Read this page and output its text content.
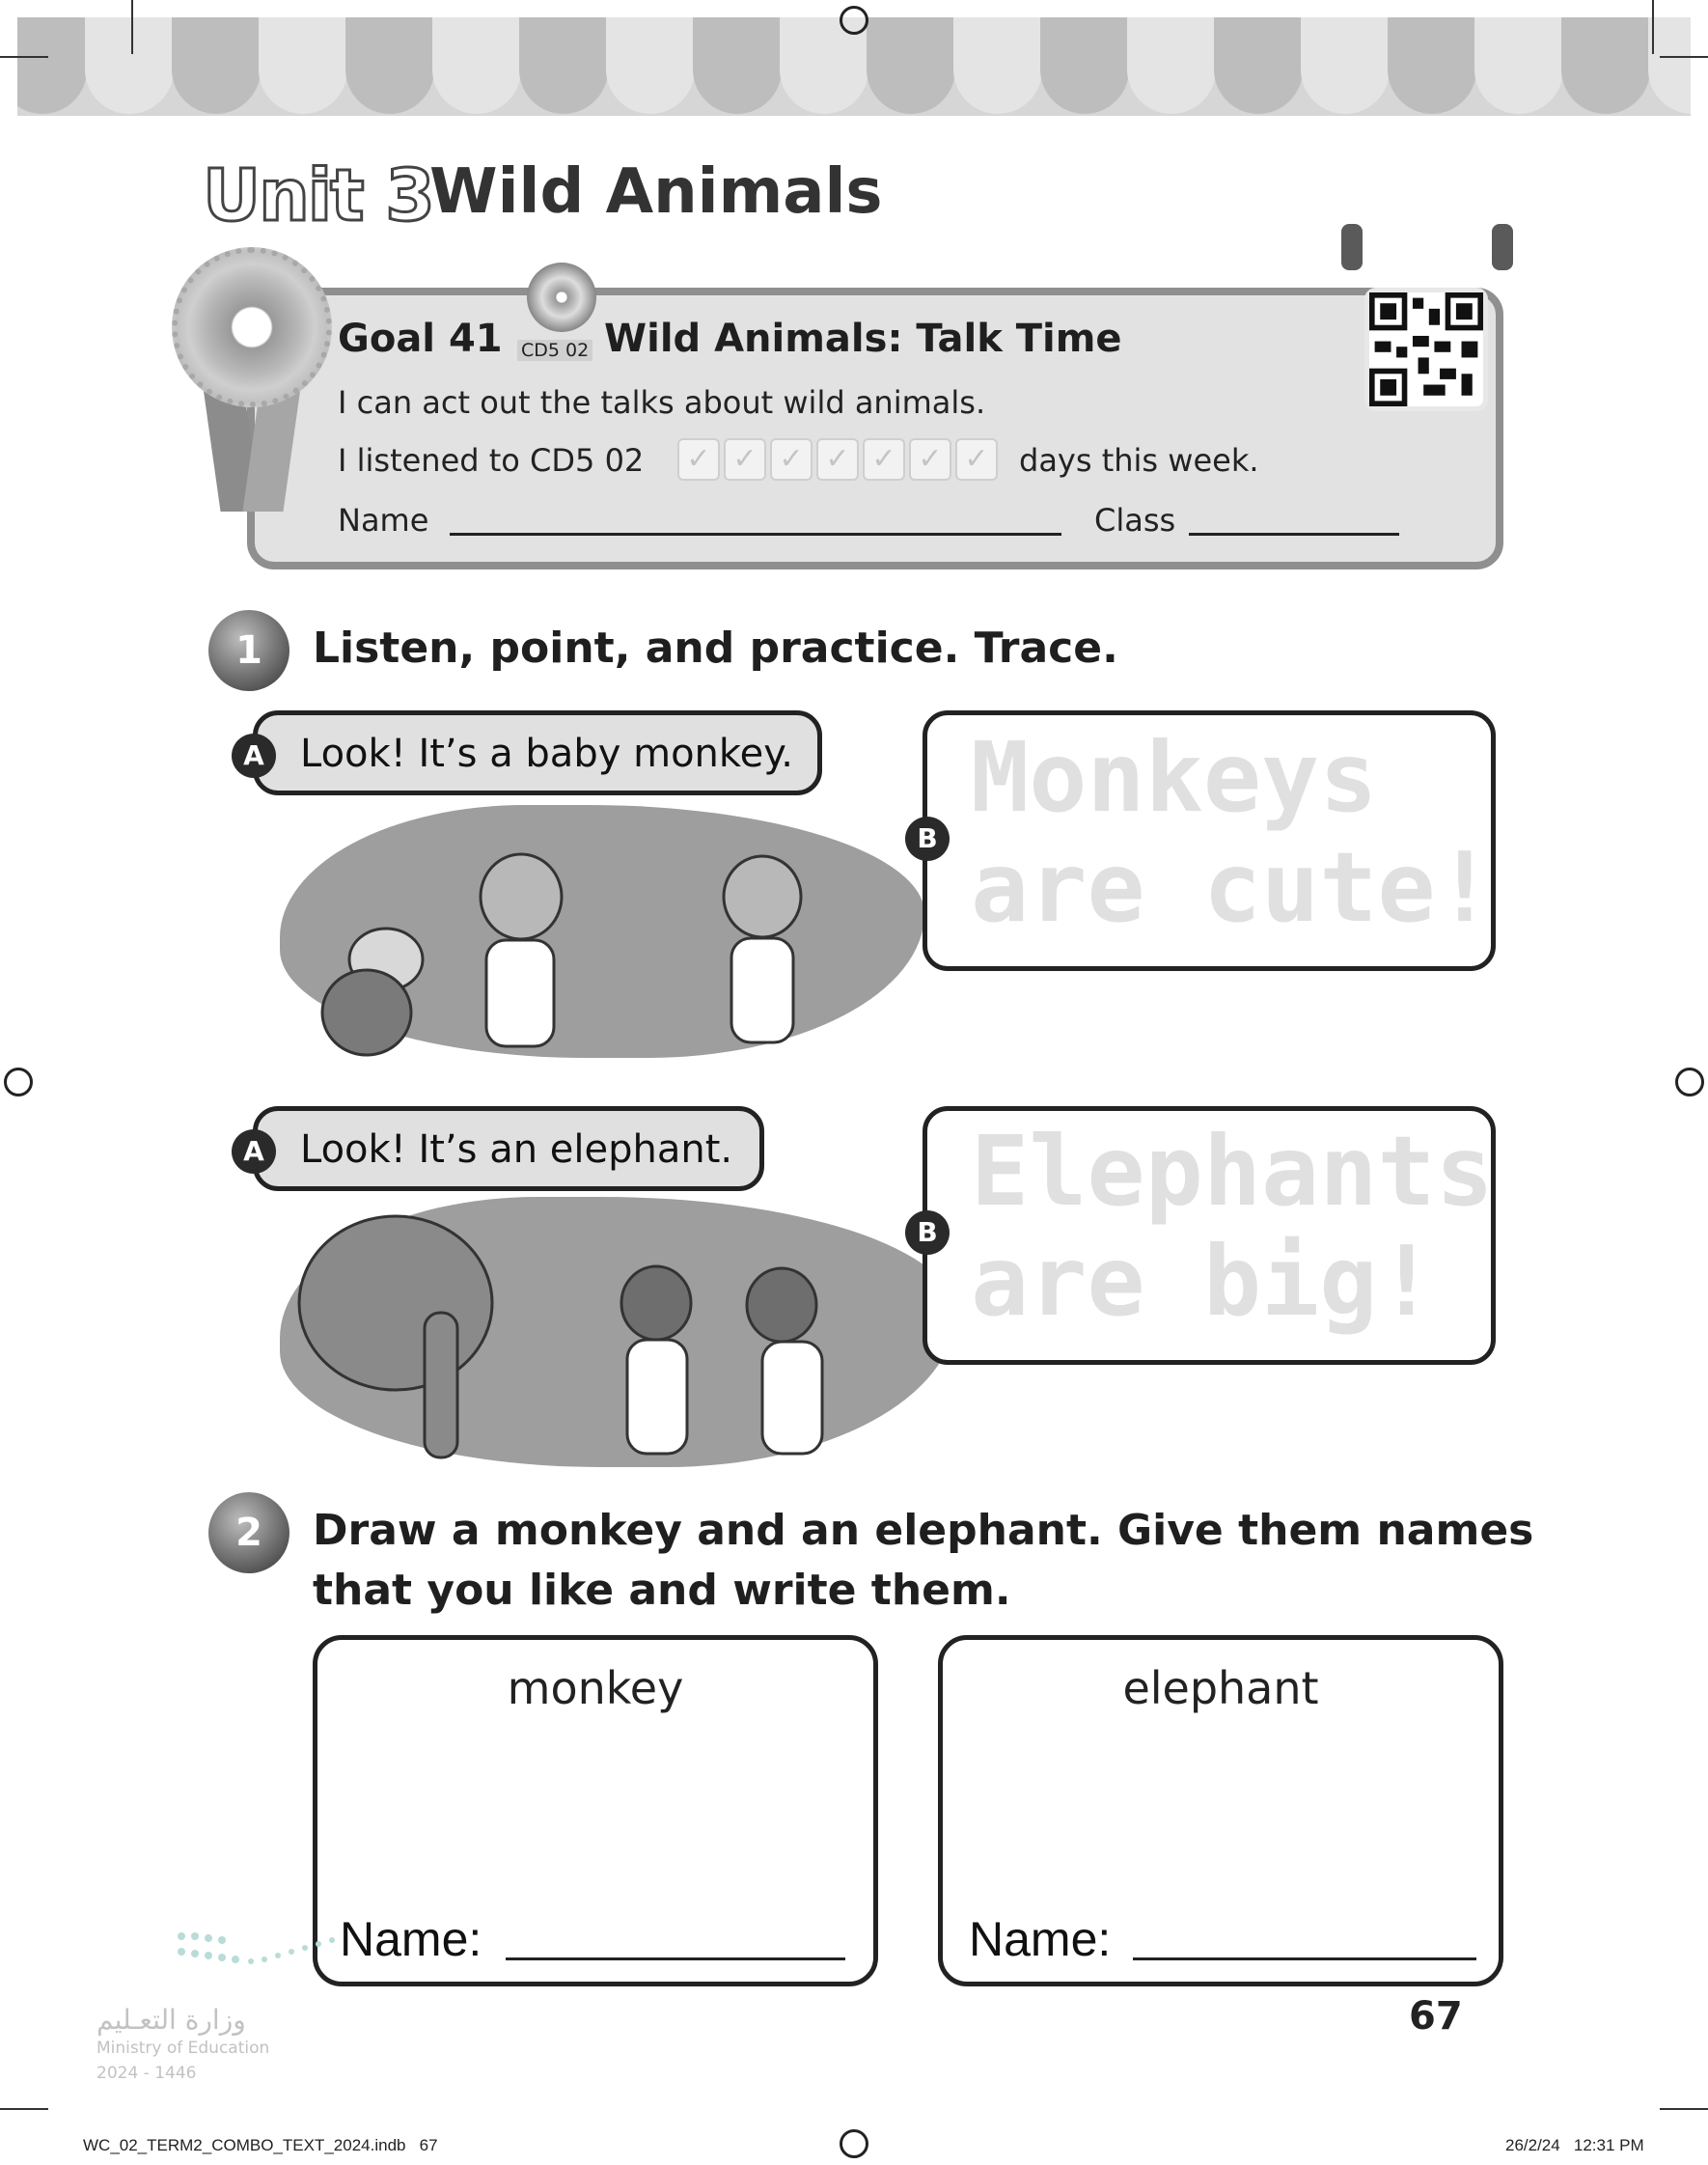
Unit 3
Wild Animals
Goal 41 CD5 02 Wild Animals: Talk Time
I can act out the talks about wild animals.
I listened to CD5 02	✓ ✓ ✓ ✓ ✓ ✓ ✓ days this week.
Name	Class
1	Listen, point, and practice. Trace.
Look! It’s a baby monkey.
A	Monkeys
are cute!
B
Look! It’s an elephant.
A	Elephants
are big!
B
2	Draw a monkey and an elephant. Give them names
that you like and write them.
monkey
Name:
elephant
Name:
وزارة التعـليم
Ministry of Education
2024 - 1446
67
WC_02_TERM2_COMBO_TEXT_2024.indb   67	26/2/24   12:31 PM
